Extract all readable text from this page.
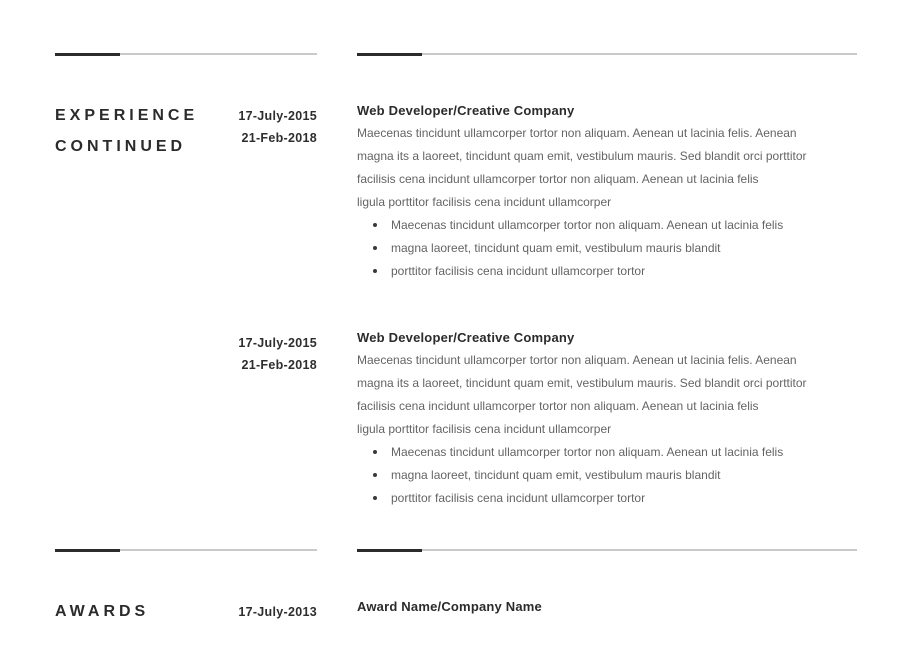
EXPERIENCE
CONTINUED
17-July-2015
21-Feb-2018
Web Developer/Creative Company
Maecenas tincidunt ullamcorper tortor non aliquam. Aenean ut lacinia felis. Aenean
magna its a laoreet, tincidunt quam emit, vestibulum mauris. Sed blandit orci porttitor
facilisis cena incidunt ullamcorper tortor non aliquam. Aenean ut lacinia felis
ligula porttitor facilisis cena incidunt ullamcorper
Maecenas tincidunt ullamcorper tortor non aliquam. Aenean ut lacinia felis
magna laoreet, tincidunt quam emit, vestibulum mauris blandit
porttitor facilisis cena incidunt ullamcorper tortor
17-July-2015
21-Feb-2018
Web Developer/Creative Company
Maecenas tincidunt ullamcorper tortor non aliquam. Aenean ut lacinia felis. Aenean
magna its a laoreet, tincidunt quam emit, vestibulum mauris. Sed blandit orci porttitor
facilisis cena incidunt ullamcorper tortor non aliquam. Aenean ut lacinia felis
ligula porttitor facilisis cena incidunt ullamcorper
Maecenas tincidunt ullamcorper tortor non aliquam. Aenean ut lacinia felis
magna laoreet, tincidunt quam emit, vestibulum mauris blandit
porttitor facilisis cena incidunt ullamcorper tortor
AWARDS	17-July-2013	Award Name/Company Name
